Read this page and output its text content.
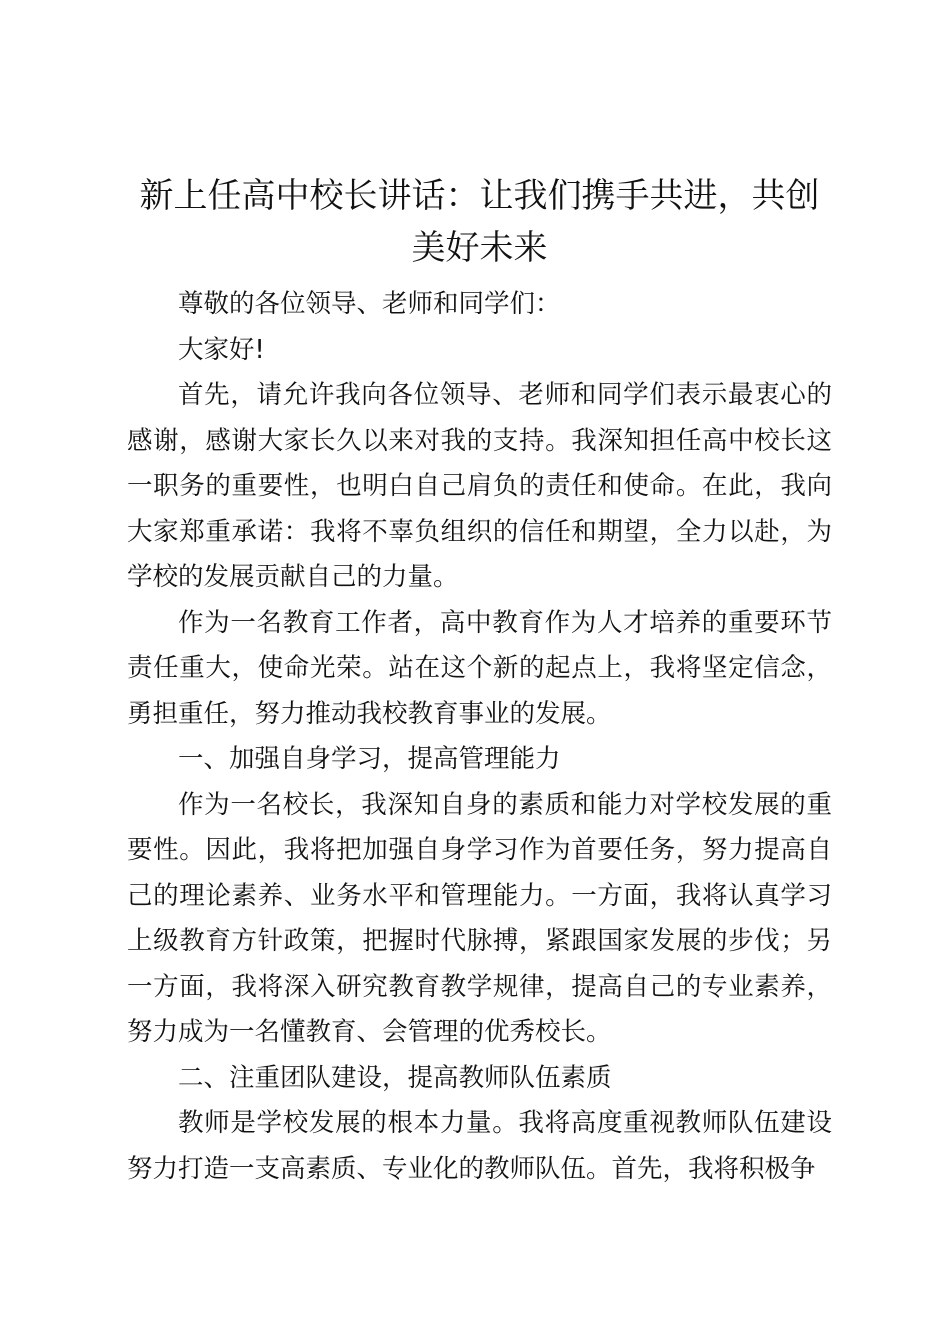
新上任高中校长讲话：让我们携手共进，共创美好未来

尊敬的各位领导、老师和同学们：

大家好!

首先，请允许我向各位领导、老师和同学们表示最衷心的感谢，感谢大家长久以来对我的支持。我深知担任高中校长这一职务的重要性，也明白自己肩负的责任和使命。在此，我向大家郑重承诺：我将不辜负组织的信任和期望，全力以赴，为学校的发展贡献自己的力量。

作为一名教育工作者，高中教育作为人才培养的重要环节责任重大，使命光荣。站在这个新的起点上，我将坚定信念，勇担重任，努力推动我校教育事业的发展。

一、加强自身学习，提高管理能力

作为一名校长，我深知自身的素质和能力对学校发展的重要性。因此，我将把加强自身学习作为首要任务，努力提高自己的理论素养、业务水平和管理能力。一方面，我将认真学习上级教育方针政策，把握时代脉搏，紧跟国家发展的步伐；另一方面，我将深入研究教育教学规律，提高自己的专业素养，努力成为一名懂教育、会管理的优秀校长。

二、注重团队建设，提高教师队伍素质

教师是学校发展的根本力量。我将高度重视教师队伍建设努力打造一支高素质、专业化的教师队伍。首先，我将积极争
